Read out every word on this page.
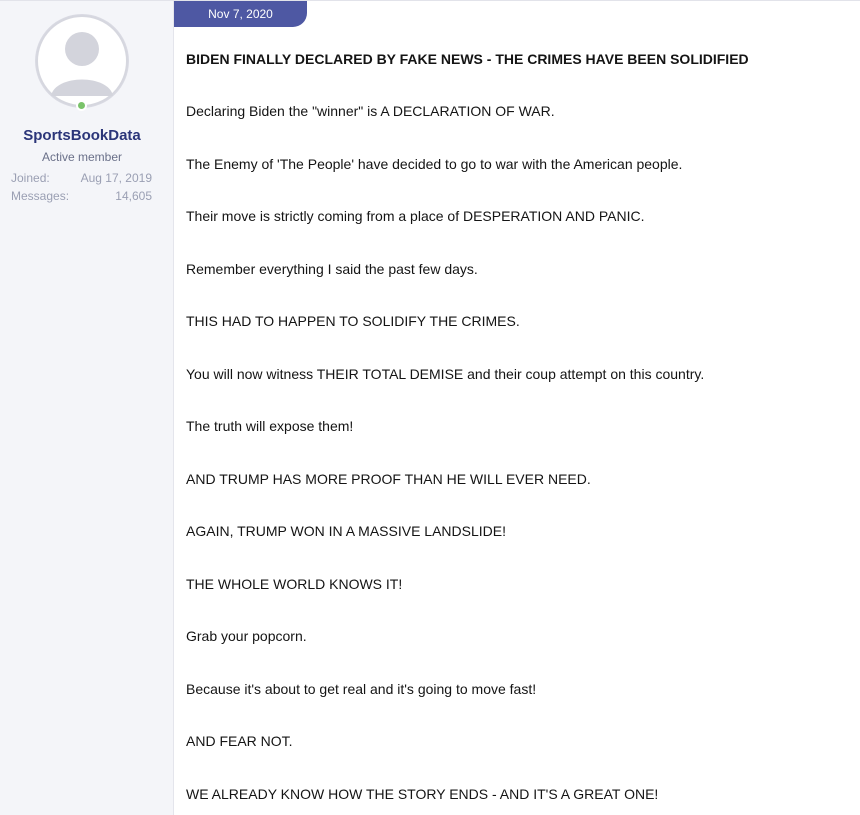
SportsBookData
Active member
Joined:	Aug 17, 2019
Messages:	14,605
Nov 7, 2020

BIDEN FINALLY DECLARED BY FAKE NEWS - THE CRIMES HAVE BEEN SOLIDIFIED

Declaring Biden the "winner" is A DECLARATION OF WAR.

The Enemy of 'The People' have decided to go to war with the American people.

Their move is strictly coming from a place of DESPERATION AND PANIC.

Remember everything I said the past few days.

THIS HAD TO HAPPEN TO SOLIDIFY THE CRIMES.

You will now witness THEIR TOTAL DEMISE and their coup attempt on this country.

The truth will expose them!

AND TRUMP HAS MORE PROOF THAN HE WILL EVER NEED.

AGAIN, TRUMP WON IN A MASSIVE LANDSLIDE!

THE WHOLE WORLD KNOWS IT!

Grab your popcorn.

Because it's about to get real and it's going to move fast!

AND FEAR NOT.

WE ALREADY KNOW HOW THE STORY ENDS - AND IT'S A GREAT ONE!
